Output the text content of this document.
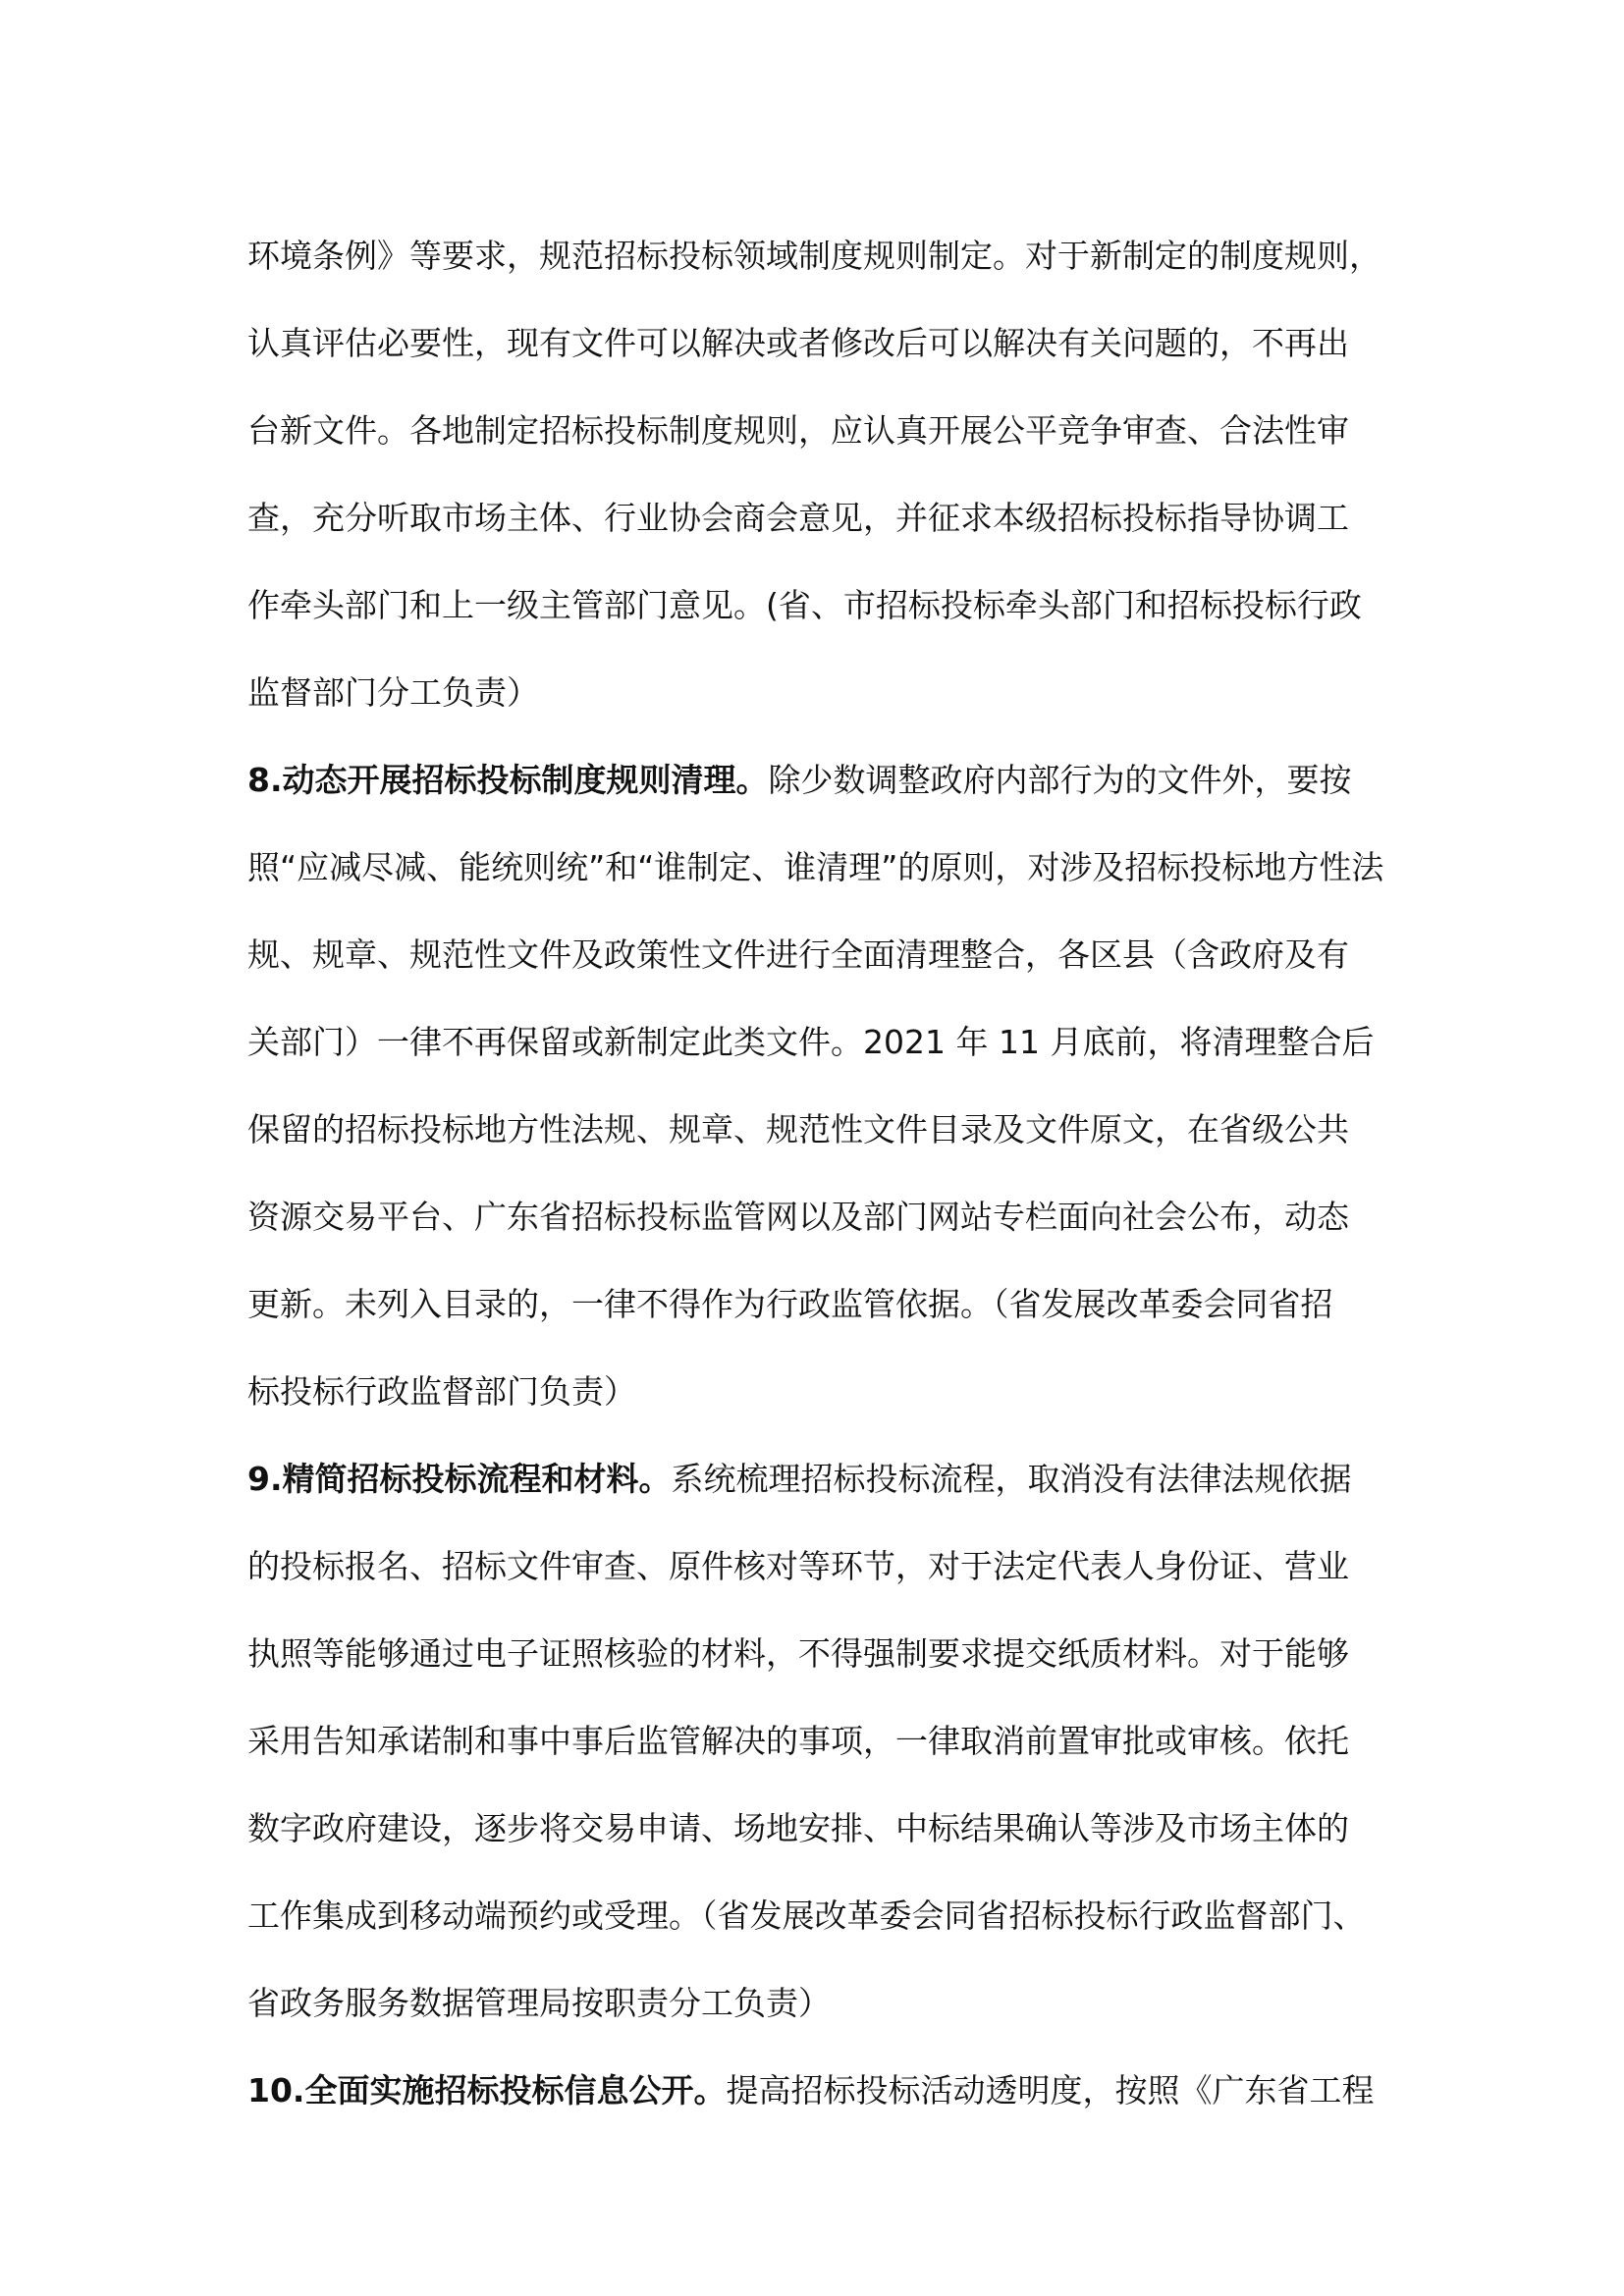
环境条例》等要求，规范招标投标领域制度规则制定。对于新制定的制度规则，
认真评估必要性，现有文件可以解决或者修改后可以解决有关问题的，不再出
台新文件。各地制定招标投标制度规则，应认真开展公平竞争审查、合法性审
查，充分听取市场主体、行业协会商会意见，并征求本级招标投标指导协调工
作牵头部门和上一级主管部门意见。(省、市招标投标牵头部门和招标投标行政
监督部门分工负责）
8.动态开展招标投标制度规则清理。除少数调整政府内部行为的文件外，要按
照“应减尽减、能统则统”和“谁制定、谁清理”的原则，对涉及招标投标地方性法
规、规章、规范性文件及政策性文件进行全面清理整合，各区县（含政府及有
关部门）一律不再保留或新制定此类文件。2021 年 11 月底前，将清理整合后
保留的招标投标地方性法规、规章、规范性文件目录及文件原文，在省级公共
资源交易平台、广东省招标投标监管网以及部门网站专栏面向社会公布，动态
更新。未列入目录的，一律不得作为行政监管依据。（省发展改革委会同省招
标投标行政监督部门负责）
9.精简招标投标流程和材料。系统梳理招标投标流程，取消没有法律法规依据
的投标报名、招标文件审查、原件核对等环节，对于法定代表人身份证、营业
执照等能够通过电子证照核验的材料，不得强制要求提交纸质材料。对于能够
采用告知承诺制和事中事后监管解决的事项，一律取消前置审批或审核。依托
数字政府建设，逐步将交易申请、场地安排、中标结果确认等涉及市场主体的
工作集成到移动端预约或受理。（省发展改革委会同省招标投标行政监督部门、
省政务服务数据管理局按职责分工负责）
10.全面实施招标投标信息公开。提高招标投标活动透明度，按照《广东省工程
